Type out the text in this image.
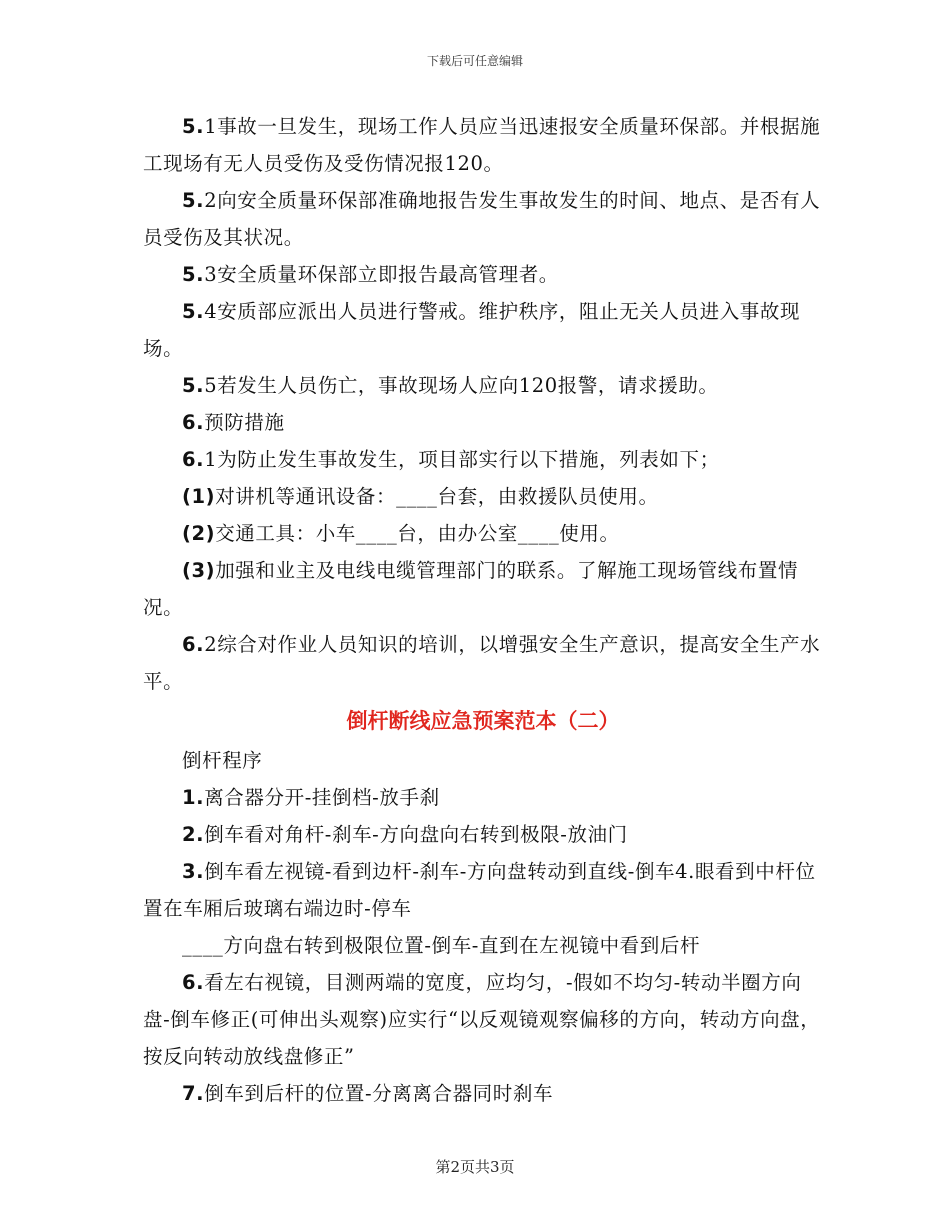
下载后可任意编辑

5.1事故一旦发生，现场工作人员应当迅速报安全质量环保部。并根据施工现场有无人员受伤及受伤情况报120。

5.2向安全质量环保部准确地报告发生事故发生的时间、地点、是否有人员受伤及其状况。

5.3安全质量环保部立即报告最高管理者。

5.4安质部应派出人员进行警戒。维护秩序，阻止无关人员进入事故现场。

5.5若发生人员伤亡，事故现场人应向120报警，请求援助。

6.预防措施

6.1为防止发生事故发生，项目部实行以下措施，列表如下；

(1)对讲机等通讯设备：____台套，由救援队员使用。

(2)交通工具：小车____台，由办公室____使用。

(3)加强和业主及电线电缆管理部门的联系。了解施工现场管线布置情况。

6.2综合对作业人员知识的培训，以增强安全生产意识，提高安全生产水平。

倒杆断线应急预案范本（二）

倒杆程序

1.离合器分开-挂倒档-放手刹

2.倒车看对角杆-刹车-方向盘向右转到极限-放油门

3.倒车看左视镜-看到边杆-刹车-方向盘转动到直线-倒车4.眼看到中杆位置在车厢后玻璃右端边时-停车

____方向盘右转到极限位置-倒车-直到在左视镜中看到后杆

6.看左右视镜，目测两端的宽度，应均匀，-假如不均匀-转动半圈方向盘-倒车修正(可伸出头观察)应实行“以反观镜观察偏移的方向，转动方向盘，按反向转动放线盘修正”

7.倒车到后杆的位置-分离离合器同时刹车

第2页共3页
